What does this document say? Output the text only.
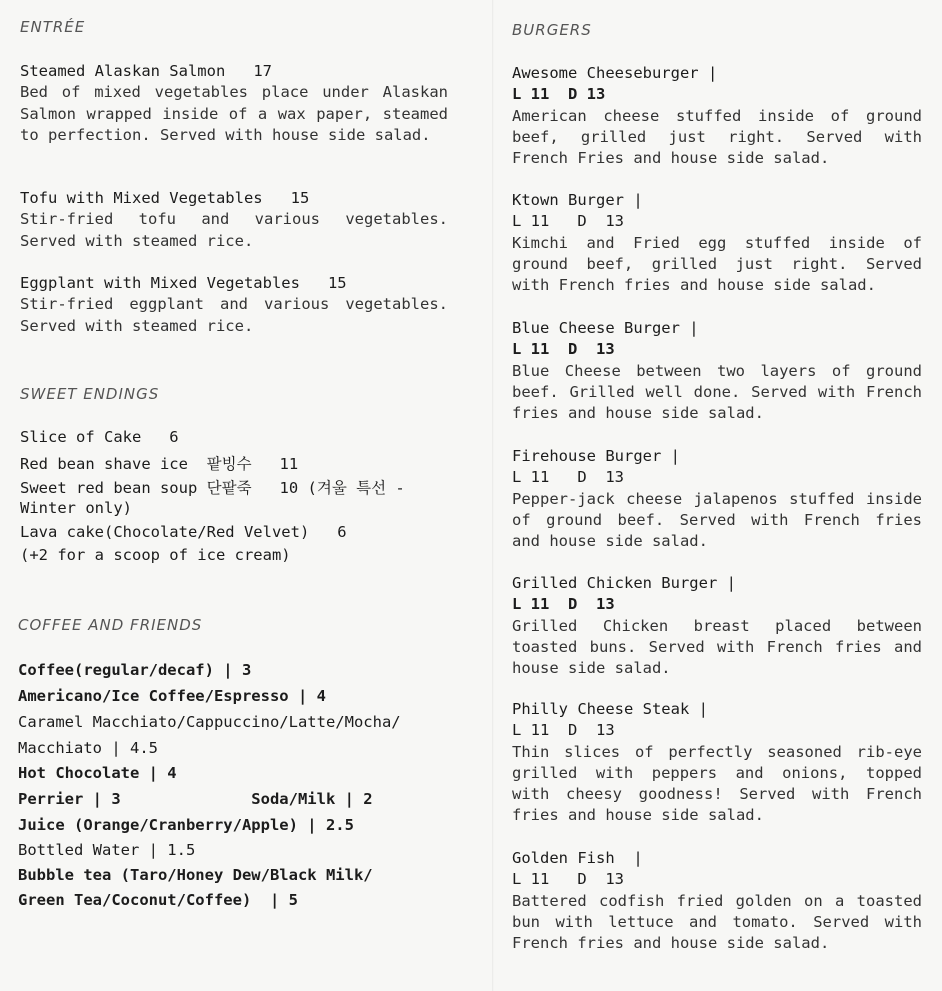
ENTRÉE
Steamed Alaskan Salmon 17
Bed of mixed vegetables place under Alaskan Salmon wrapped inside of a wax paper, steamed to perfection. Served with house side salad.
Tofu with Mixed Vegetables 15
Stir-fried tofu and various vegetables. Served with steamed rice.
Eggplant with Mixed Vegetables 15
Stir-fried eggplant and various vegetables. Served with steamed rice.
SWEET ENDINGS
Slice of Cake   6
Red bean shave ice  팥빙수   11
Sweet red bean soup 단팥죽   10 (겨울 특선 -
Winter only)
Lava cake(Chocolate/Red Velvet)   6
(+2 for a scoop of ice cream)
COFFEE AND FRIENDS
Coffee(regular/decaf) | 3
Americano/Ice Coffee/Espresso | 4
Caramel Macchiato/Cappuccino/Latte/Mocha/
Macchiato | 4.5
Hot Chocolate | 4
Perrier | 3              Soda/Milk | 2
Juice (Orange/Cranberry/Apple) | 2.5
Bottled Water | 1.5
Bubble tea (Taro/Honey Dew/Black Milk/
Green Tea/Coconut/Coffee)  | 5
BURGERS
Awesome Cheeseburger |
L 11  D 13
American cheese stuffed inside of ground beef, grilled just right. Served with French Fries and house side salad.
Ktown Burger |
L 11   D  13
Kimchi and Fried egg stuffed inside of ground beef, grilled just right. Served with French fries and house side salad.
Blue Cheese Burger |
L 11  D  13
Blue Cheese between two layers of ground beef. Grilled well done. Served with French fries and house side salad.
Firehouse Burger |
L 11   D  13
Pepper-jack cheese jalapenos stuffed inside of ground beef. Served with French fries and house side salad.
Grilled Chicken Burger |
L 11  D  13
Grilled Chicken breast placed between toasted buns. Served with French fries and house side salad.
Philly Cheese Steak |
L 11  D  13
Thin slices of perfectly seasoned rib-eye grilled with peppers and onions, topped with cheesy goodness! Served with French fries and house side salad.
Golden Fish  |
L 11   D  13
Battered codfish fried golden on a toasted bun with lettuce and tomato. Served with French fries and house side salad.
